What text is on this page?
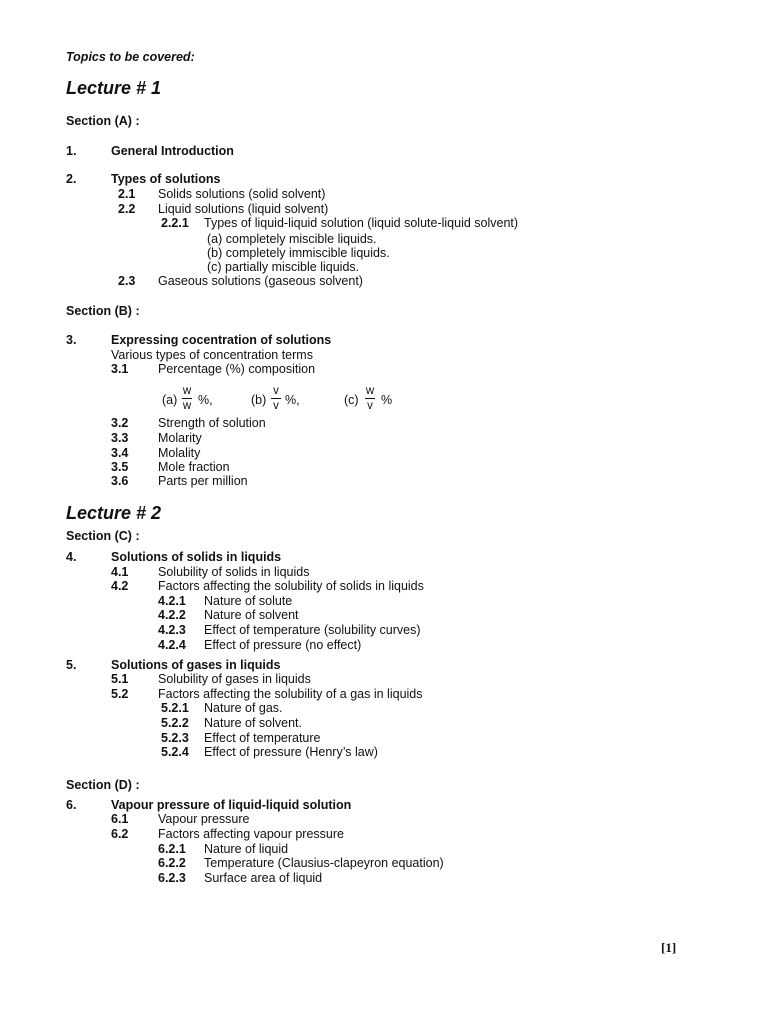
Topics to be covered:
Lecture # 1
Section (A) :
1.	General Introduction
2.	Types of solutions
2.1 Solids solutions (solid solvent)
2.2 Liquid solutions (liquid solvent)
2.2.1 Types of liquid-liquid solution (liquid solute-liquid solvent)
(a) completely miscible liquids.
(b) completely immiscible liquids.
(c) partially miscible liquids.
2.3 Gaseous solutions (gaseous solvent)
Section (B) :
3.	Expressing cocentration of solutions
Various types of concentration terms
3.1 Percentage (%) composition
(a)
w
w %,	(b)
v
v %,	(c)
w
v %
3.2 Strength of solution
3.3 Molarity
3.4 Molality
3.5 Mole fraction
3.6 Parts per million
Lecture # 2
Section (C) :
4.	Solutions of solids in liquids
4.1 Solubility of solids in liquids
4.2 Factors affecting the solubility of solids in liquids
4.2.1 Nature of solute
4.2.2 Nature of solvent
4.2.3 Effect of temperature (solubility curves)
4.2.4 Effect of pressure (no effect)
5.	Solutions of gases in liquids
5.1 Solubility of gases in liquids
5.2 Factors affecting the solubility of a gas in liquids
5.2.1 Nature of gas.
5.2.2 Nature of solvent.
5.2.3 Effect of temperature
5.2.4 Effect of pressure (Henry’s law)
Section (D) :
6.	Vapour pressure of liquid-liquid solution
6.1 Vapour pressure
6.2 Factors affecting vapour pressure
6.2.1 Nature of liquid
6.2.2 Temperature (Clausius-clapeyron equation)
6.2.3 Surface area of liquid
[1]
